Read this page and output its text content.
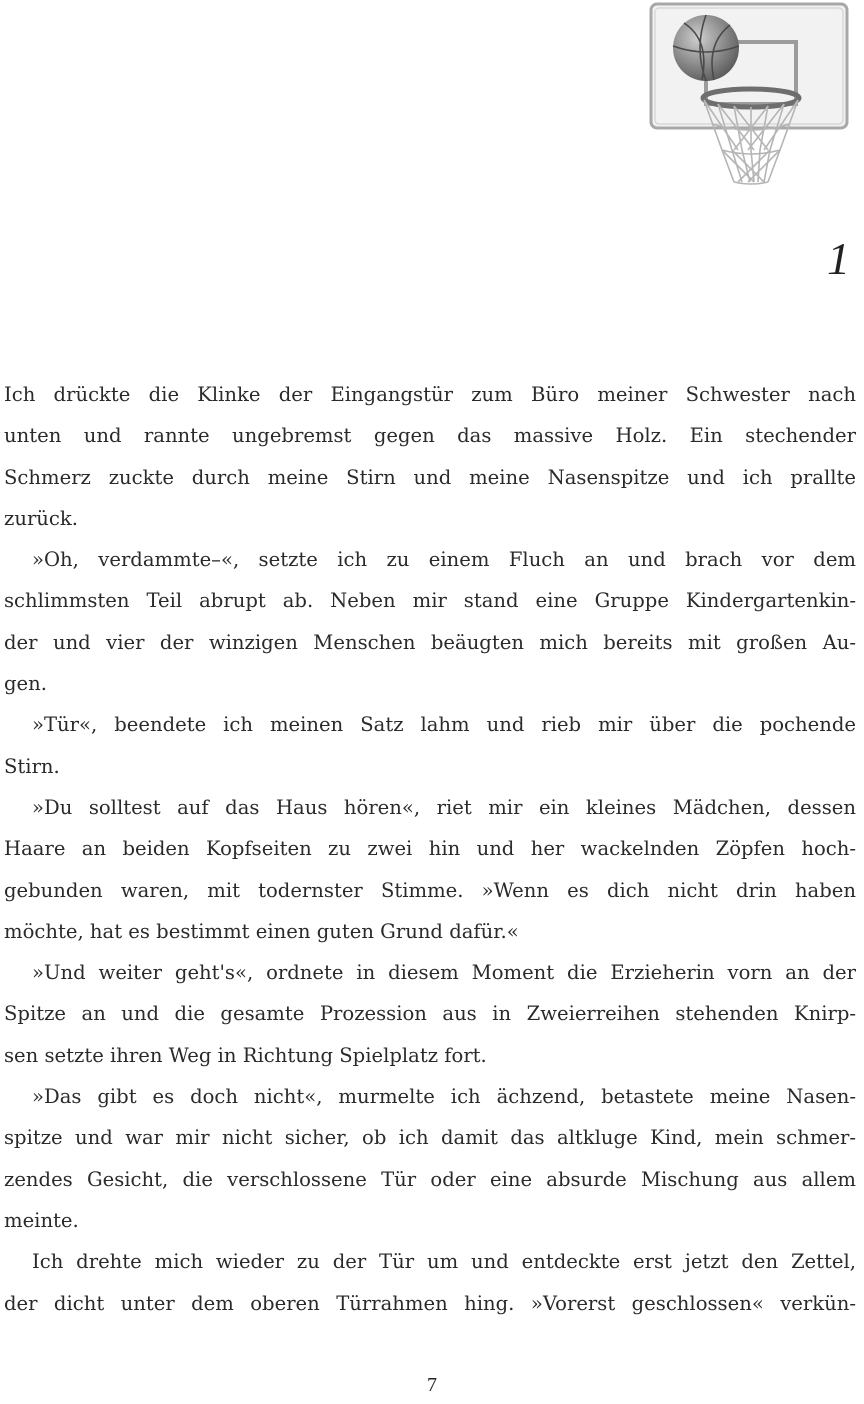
1
Ich drückte die Klinke der Eingangstür zum Büro meiner Schwester nach
unten und rannte ungebremst gegen das massive Holz. Ein stechender
Schmerz zuckte durch meine Stirn und meine Nasenspitze und ich prallte
zurück.
»Oh, verdammte–«, setzte ich zu einem Fluch an und brach vor dem
schlimmsten Teil abrupt ab. Neben mir stand eine Gruppe Kindergartenkin-
der und vier der winzigen Menschen beäugten mich bereits mit großen Au-
gen.
»Tür«, beendete ich meinen Satz lahm und rieb mir über die pochende
Stirn.
»Du solltest auf das Haus hören«, riet mir ein kleines Mädchen, dessen
Haare an beiden Kopfseiten zu zwei hin und her wackelnden Zöpfen hoch-
gebunden waren, mit todernster Stimme. »Wenn es dich nicht drin haben
möchte, hat es bestimmt einen guten Grund dafür.«
»Und weiter geht's«, ordnete in diesem Moment die Erzieherin vorn an der
Spitze an und die gesamte Prozession aus in Zweierreihen stehenden Knirp-
sen setzte ihren Weg in Richtung Spielplatz fort.
»Das gibt es doch nicht«, murmelte ich ächzend, betastete meine Nasen-
spitze und war mir nicht sicher, ob ich damit das altkluge Kind, mein schmer-
zendes Gesicht, die verschlossene Tür oder eine absurde Mischung aus allem
meinte.
Ich drehte mich wieder zu der Tür um und entdeckte erst jetzt den Zettel,
der dicht unter dem oberen Türrahmen hing. »Vorerst geschlossen« verkün-
7
